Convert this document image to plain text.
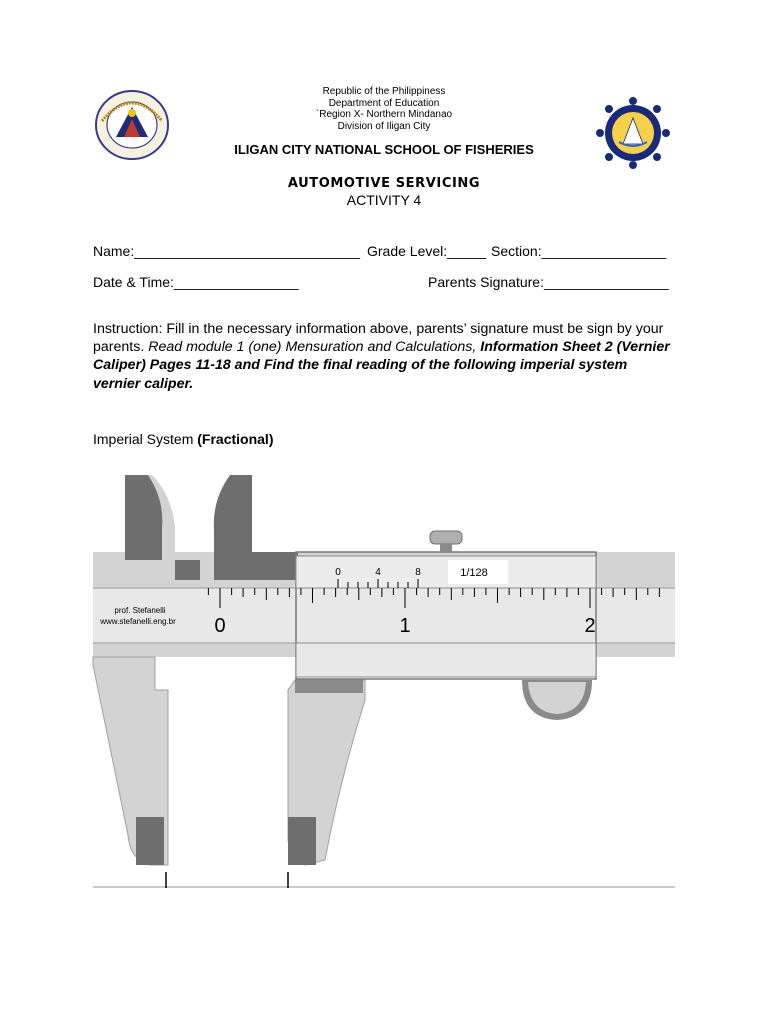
Republic of the Philippiness
Department of Education
`Region X- Northern Mindanao
Division of Iligan City
ILIGAN CITY NATIONAL SCHOOL OF FISHERIES
AUTOMOTIVE SERVICING
ACTIVITY 4
Name:_____________________________ Grade Level:_____ Section:________________
Date & Time:________________	Parents Signature:________________
Instruction: Fill in the necessary information above, parents’ signature must be sign by your parents. Read module 1 (one) Mensuration and Calculations, Information Sheet 2 (Vernier Caliper) Pages 11-18 and Find the final reading of the following imperial system vernier caliper.
Imperial System (Fractional)
0	1	2
0	4	8	1/128
prof. Stefanelli
www.stefanelli.eng.br
